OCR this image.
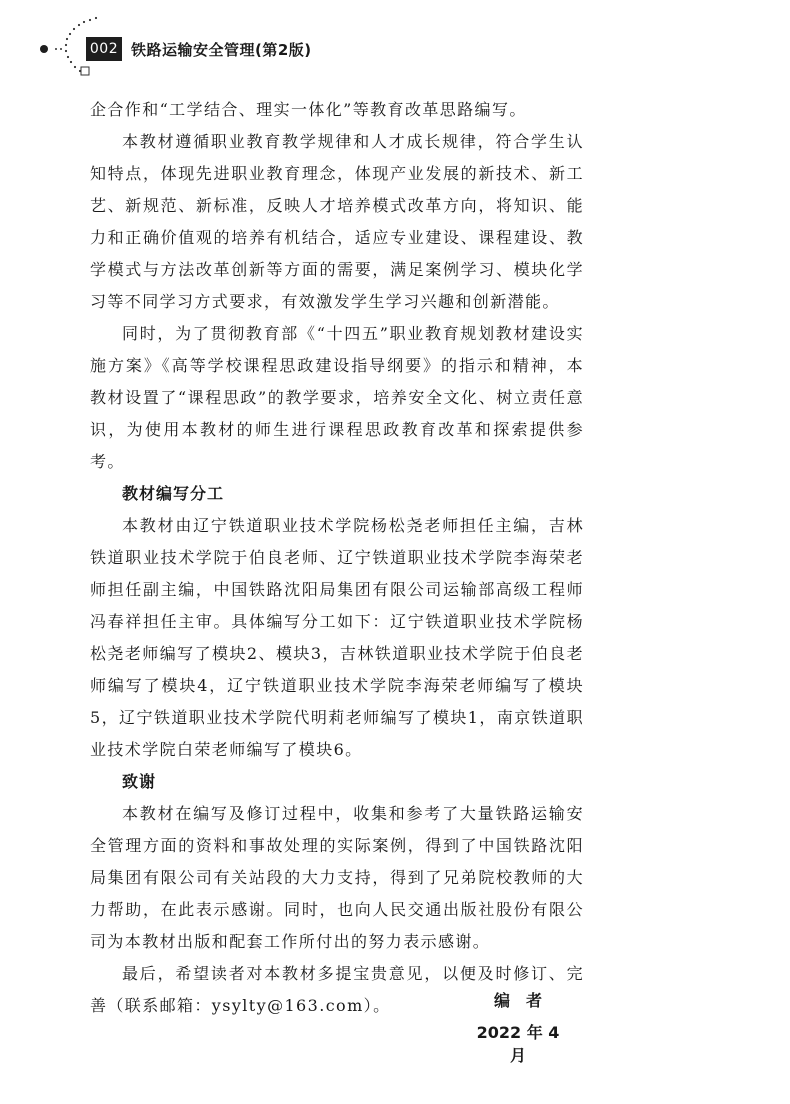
002 铁路运输安全管理(第2版)

企合作和“工学结合、理实一体化”等教育改革思路编写。

本教材遵循职业教育教学规律和人才成长规律，符合学生认知特点，体现先进职业教育理念，体现产业发展的新技术、新工艺、新规范、新标准，反映人才培养模式改革方向，将知识、能力和正确价值观的培养有机结合，适应专业建设、课程建设、教学模式与方法改革创新等方面的需要，满足案例学习、模块化学习等不同学习方式要求，有效激发学生学习兴趣和创新潜能。

同时，为了贯彻教育部《“十四五”职业教育规划教材建设实施方案》《高等学校课程思政建设指导纲要》的指示和精神，本教材设置了“课程思政”的教学要求，培养安全文化、树立责任意识，为使用本教材的师生进行课程思政教育改革和探索提供参考。

教材编写分工

本教材由辽宁铁道职业技术学院杨松尧老师担任主编，吉林铁道职业技术学院于伯良老师、辽宁铁道职业技术学院李海荣老师担任副主编，中国铁路沈阳局集团有限公司运输部高级工程师冯春祥担任主审。具体编写分工如下：辽宁铁道职业技术学院杨松尧老师编写了模块2、模块3，吉林铁道职业技术学院于伯良老师编写了模块4，辽宁铁道职业技术学院李海荣老师编写了模块5，辽宁铁道职业技术学院代明莉老师编写了模块1，南京铁道职业技术学院白荣老师编写了模块6。

致谢

本教材在编写及修订过程中，收集和参考了大量铁路运输安全管理方面的资料和事故处理的实际案例，得到了中国铁路沈阳局集团有限公司有关站段的大力支持，得到了兄弟院校教师的大力帮助，在此表示感谢。同时，也向人民交通出版社股份有限公司为本教材出版和配套工作所付出的努力表示感谢。

最后，希望读者对本教材多提宝贵意见，以便及时修订、完善（联系邮箱：ysylty@163.com）。	编　者
2022 年 4 月
